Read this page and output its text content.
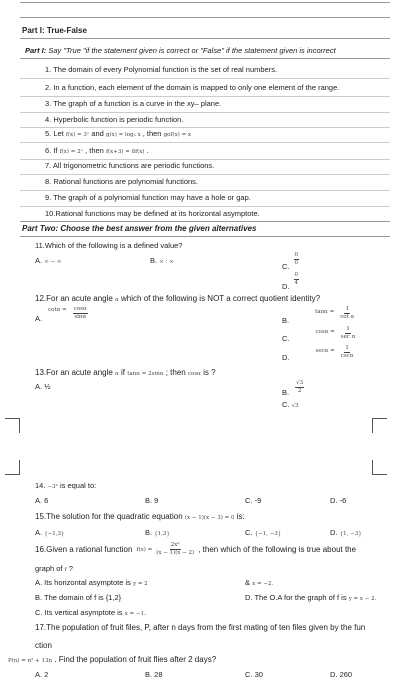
Part I: True-False
Part I: Say "True "if the statement given is correct or "False" if the statement given is incorrect
1. The domain of every Polynomial function is the set of real numbers.
2. In a function, each element of the domain is mapped to only one element of the range.
3. The graph of a function is a curve in the xy– plane.
4. Hyperbolic function is periodic function.
5. Let f(x) = 3ˣ and g(x) = log₃ x , then gof(x) = x
6. If f(x) = 2ˣ , then f(x+3) = 8f(x) .
7. All trigonometric functions are periodic functions.
8. Rational functions are polynomial functions.
9. The graph of a polynomial function may have a hole or gap.
10.Rational functions may be defined at its horizontal asymptote.
Part Two: Choose the best answer from the given alternatives
11.Which of the following is a defined value?
A. ∞ − ∞	B. ∞ : ∞	C. $\frac{0}{0}$
D. $\frac{0}{4}$
12.For an acute angle α which of the following is NOT a correct quotient identity?
A.
$\cot\alpha = \frac{\cos\alpha}{\sin\alpha}$	B.
$\tan\alpha = \frac{1}{\text{cot α}}$
C.
$\cos\alpha = \frac{1}{\text{sec α}}$
D.
$\sec\alpha = \frac{1}{\csc\alpha}$
13.For an acute angle α if tanα = 2sinα ; then cosα is ?
A. ½
B. $\frac{√3}{2}$
C. √3
14. −3² is equal to:
A. 6	B. 9	C. -9	D. -6
15.The solution for the quadratic equation (x − 1)(x − 3) = 0 is:
A. {−1,3}	B. {1,3}	C. {−1, −3}	D. {1, −3}
16.Given a rational function $f(x) = \frac{\text{2x²}}{(x - 1)(x - 2)}$ , then which of the following is true about the
graph of f ?
A. Its horizontal asymptote is y = 2	& x = −2.
B. The domain of f is {1,2}	D. The O.A for the graph of f is y = x − 2.
C. Its vertical asymptote is x = −1.
17.The population of fruit files, P, after n days from the first mating of ten files given by the fun
ction
P(n) = n² + 13n . Find the population of fruit flies after 2 days?
A. 2	B. 28	C. 30	D. 260
